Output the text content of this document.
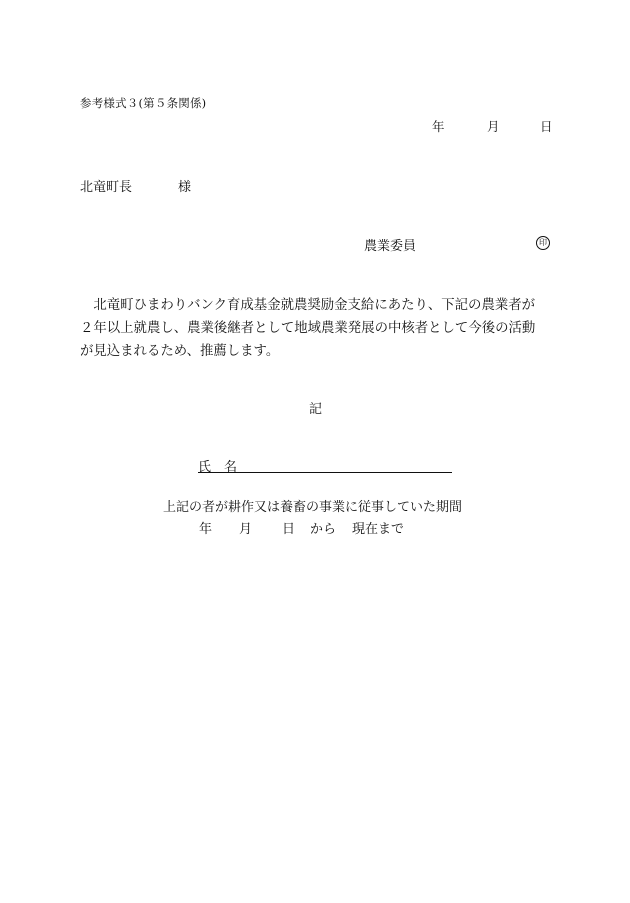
参考様式３(第５条関係)
年	月	日
北竜町長	様
農業委員	印
　北竜町ひまわりバンク育成基金就農奨励金支給にあたり、下記の農業者が
２年以上就農し、農業後継者として地域農業発展の中核者として今後の活動
が見込まれるため、推薦します。
記
氏　名
上記の者が耕作又は養畜の事業に従事していた期間
年 月 日 から 現在まで
